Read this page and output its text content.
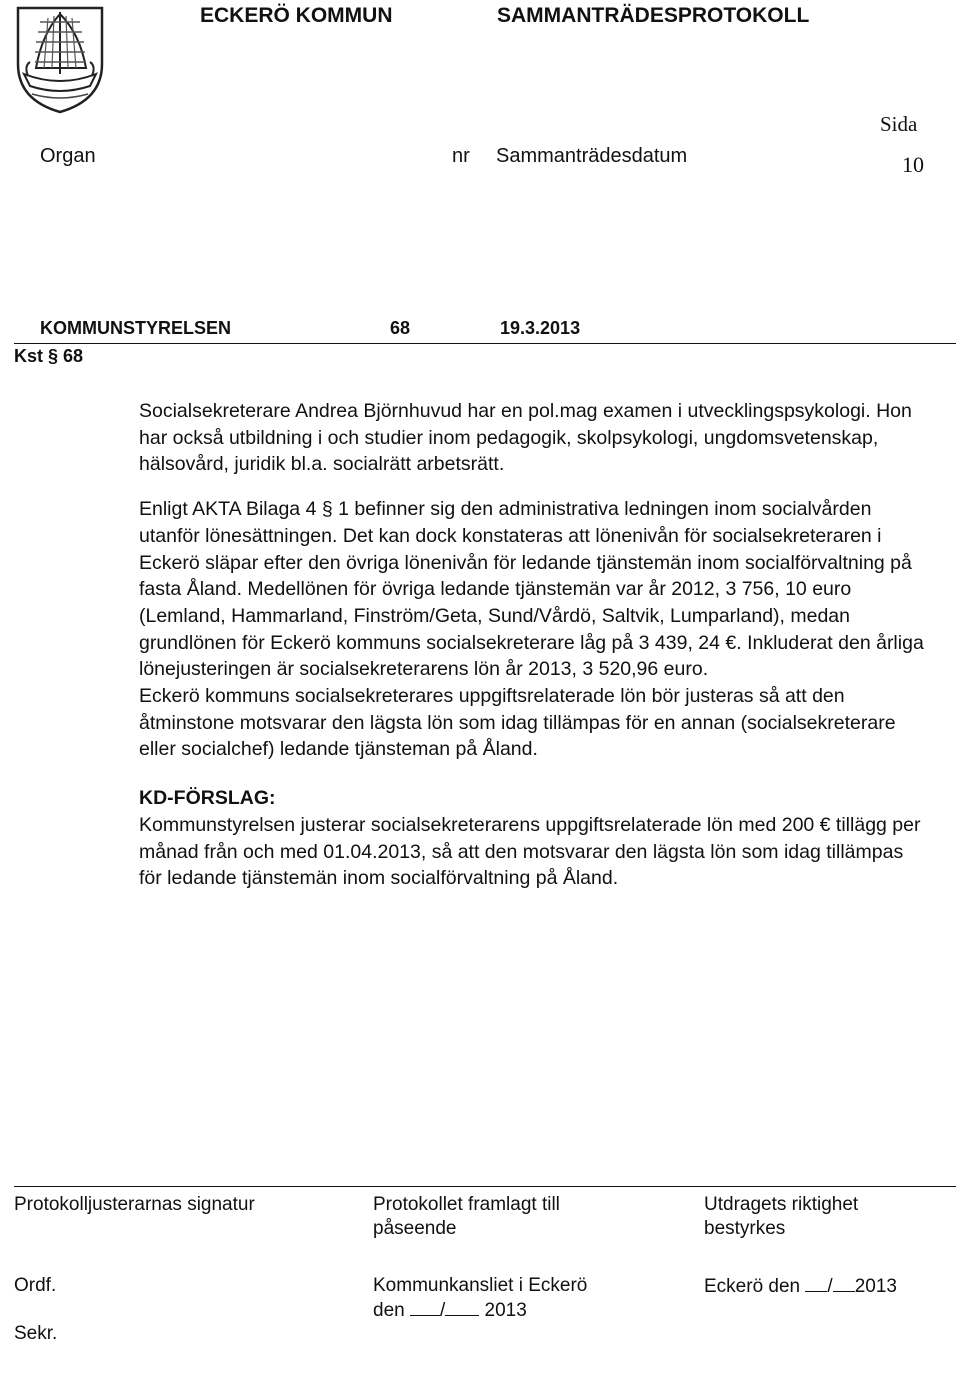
ECKERÖ KOMMUN	SAMMANTRÄDESPROTOKOLL
Sida
Organ	nr Sammanträdesdatum	10
KOMMUNSTYRELSEN	68	19.3.2013
Kst § 68

Socialsekreterare Andrea Björnhuvud har en pol.mag examen i utvecklingspsykologi. Hon har också utbildning i och studier inom pedagogik, skolpsykologi, ungdomsvetenskap, hälsovård, juridik bl.a. socialrätt arbetsrätt.

Enligt AKTA Bilaga 4 § 1 befinner sig den administrativa ledningen inom socialvården utanför lönesättningen. Det kan dock konstateras att lönenivån för socialsekreteraren i Eckerö släpar efter den övriga lönenivån för ledande tjänstemän inom socialförvaltning på fasta Åland. Medellönen för övriga ledande tjänstemän var år 2012, 3 756, 10 euro (Lemland, Hammarland, Finström/Geta, Sund/Vårdö, Saltvik, Lumparland), medan grundlönen för Eckerö kommuns socialsekreterare låg på 3 439, 24 €. Inkluderat den årliga lönejusteringen är socialsekreterarens lön år 2013, 3 520,96 euro.

Eckerö kommuns socialsekreterares uppgiftsrelaterade lön bör justeras så att den åtminstone motsvarar den lägsta lön som idag tillämpas för en annan (socialsekreterare eller socialchef) ledande tjänsteman på Åland.

KD-FÖRSLAG:

Kommunstyrelsen justerar socialsekreterarens uppgiftsrelaterade lön med 200 € tillägg per månad från och med 01.04.2013, så att den motsvarar den lägsta lön som idag tillämpas för ledande tjänstemän inom socialförvaltning på Åland.

Protokolljusterarnas signatur	Protokollet framlagt till
påseende
Utdragets riktighet
bestyrkes
Ordf.
Sekr.
Kommunkansliet i Eckerö
den / 2013
Eckerö den / 2013
